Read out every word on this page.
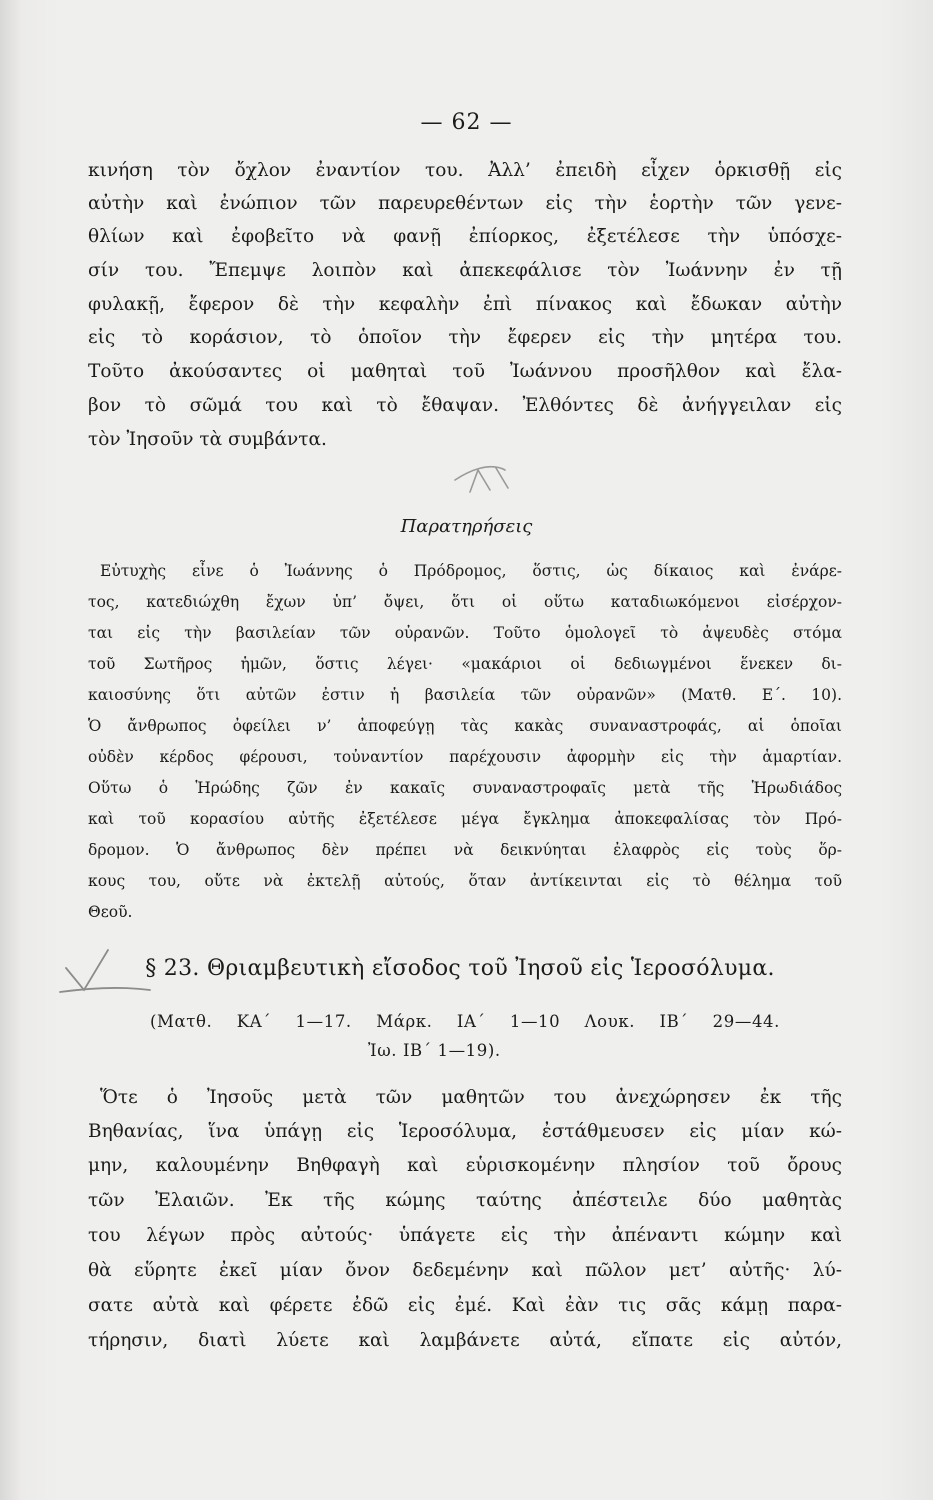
— 62 —
κινήση τὸν ὄχλον ἐναντίον του. Ἀλλ’ ἐπειδὴ εἶχεν ὁρκισθῇ εἰς
αὐτὴν καὶ ἐνώπιον τῶν παρευρεθέντων εἰς τὴν ἑορτὴν τῶν γενε-
θλίων καὶ ἐφοβεῖτο νὰ φανῇ ἐπίορκος, ἐξετέλεσε τὴν ὑπόσχε-
σίν του. Ἔπεμψε λοιπὸν καὶ ἀπεκεφάλισε τὸν Ἰωάννην ἐν τῇ
φυλακῇ, ἔφερον δὲ τὴν κεφαλὴν ἐπὶ πίνακος καὶ ἔδωκαν αὐτὴν
εἰς τὸ κοράσιον, τὸ ὁποῖον τὴν ἔφερεν εἰς τὴν μητέρα του.
Τοῦτο ἀκούσαντες οἱ μαθηταὶ τοῦ Ἰωάννου προσῆλθον καὶ ἔλα-
βον τὸ σῶμά του καὶ τὸ ἔθαψαν. Ἐλθόντες δὲ ἀνήγγειλαν εἰς
τὸν Ἰησοῦν τὰ συμβάντα.
Παρατηρήσεις
Εὐτυχὴς εἶνε ὁ Ἰωάννης ὁ Πρόδρομος, ὅστις, ὡς δίκαιος καὶ ἐνάρε-
τος, κατεδιώχθη ἔχων ὑπ’ ὄψει, ὅτι οἱ οὕτω καταδιωκόμενοι εἰσέρχον-
ται εἰς τὴν βασιλείαν τῶν οὐρανῶν. Τοῦτο ὁμολογεῖ τὸ ἀψευδὲς στόμα
τοῦ Σωτῆρος ἡμῶν, ὅστις λέγει· «μακάριοι οἱ δεδιωγμένοι ἕνεκεν δι-
καιοσύνης ὅτι αὐτῶν ἐστιν ἡ βασιλεία τῶν οὐρανῶν» (Ματθ. Ε΄. 10).
Ὁ ἄνθρωπος ὀφείλει ν’ ἀποφεύγῃ τὰς κακὰς συναναστροφάς, αἱ ὁποῖαι
οὐδὲν κέρδος φέρουσι, τοὐναντίον παρέχουσιν ἀφορμὴν εἰς τὴν ἁμαρτίαν.
Οὕτω ὁ Ἡρώδης ζῶν ἐν κακαῖς συναναστροφαῖς μετὰ τῆς Ἡρωδιάδος
καὶ τοῦ κορασίου αὐτῆς ἐξετέλεσε μέγα ἔγκλημα ἀποκεφαλίσας τὸν Πρό-
δρομον. Ὁ ἄνθρωπος δὲν πρέπει νὰ δεικνύηται ἐλαφρὸς εἰς τοὺς ὅρ-
κους του, οὔτε νὰ ἐκτελῇ αὐτούς, ὅταν ἀντίκεινται εἰς τὸ θέλημα τοῦ
Θεοῦ.
§ 23. Θριαμβευτικὴ εἴσοδος τοῦ Ἰησοῦ εἰς Ἱεροσόλυμα.
(Ματθ. ΚΑ΄ 1—17. Μάρκ. ΙΑ΄ 1—10 Λουκ. ΙΒ΄ 29—44.
Ἰω. ΙΒ΄ 1—19).
Ὅτε ὁ Ἰησοῦς μετὰ τῶν μαθητῶν του ἀνεχώρησεν ἐκ τῆς
Βηθανίας, ἵνα ὑπάγῃ εἰς Ἱεροσόλυμα, ἐστάθμευσεν εἰς μίαν κώ-
μην, καλουμένην Βηθφαγὴ καὶ εὑρισκομένην πλησίον τοῦ ὄρους
τῶν Ἐλαιῶν. Ἐκ τῆς κώμης ταύτης ἀπέστειλε δύο μαθητὰς
του λέγων πρὸς αὐτούς· ὑπάγετε εἰς τὴν ἀπέναντι κώμην καὶ
θὰ εὕρητε ἐκεῖ μίαν ὄνον δεδεμένην καὶ πῶλον μετ’ αὐτῆς· λύ-
σατε αὐτὰ καὶ φέρετε ἐδῶ εἰς ἐμέ. Καὶ ἐὰν τις σᾶς κάμῃ παρα-
τήρησιν, διατὶ λύετε καὶ λαμβάνετε αὐτά, εἴπατε εἰς αὐτόν,
